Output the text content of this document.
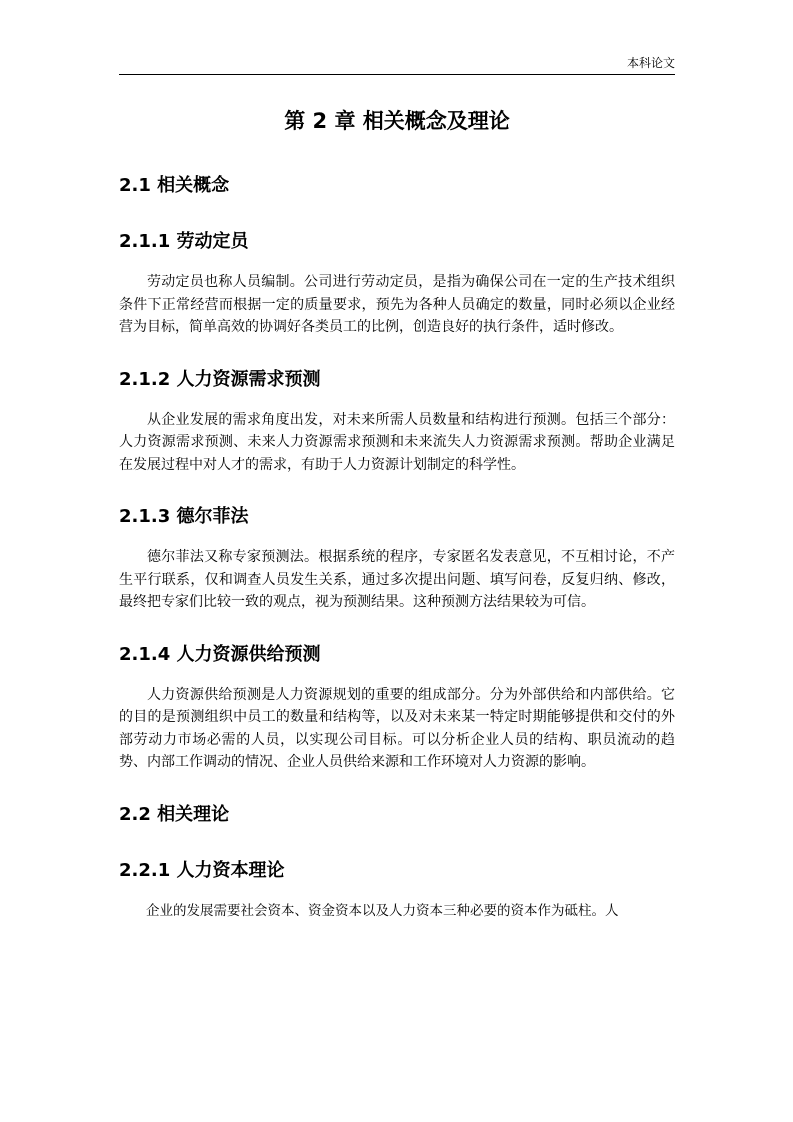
本科论文
第 2 章 相关概念及理论
2.1 相关概念
2.1.1 劳动定员

劳动定员也称人员编制。公司进行劳动定员，是指为确保公司在一定的生产技术组织条件下正常经营而根据一定的质量要求，预先为各种人员确定的数量，同时必须以企业经营为目标，简单高效的协调好各类员工的比例，创造良好的执行条件，适时修改。

2.1.2 人力资源需求预测

从企业发展的需求角度出发，对未来所需人员数量和结构进行预测。包括三个部分：人力资源需求预测、未来人力资源需求预测和未来流失人力资源需求预测。帮助企业满足在发展过程中对人才的需求，有助于人力资源计划制定的科学性。

2.1.3 德尔菲法

德尔菲法又称专家预测法。根据系统的程序，专家匿名发表意见，不互相讨论，不产生平行联系，仅和调查人员发生关系，通过多次提出问题、填写问卷，反复归纳、修改，最终把专家们比较一致的观点，视为预测结果。这种预测方法结果较为可信。

2.1.4 人力资源供给预测

人力资源供给预测是人力资源规划的重要的组成部分。分为外部供给和内部供给。它的目的是预测组织中员工的数量和结构等，以及对未来某一特定时期能够提供和交付的外部劳动力市场必需的人员，以实现公司目标。可以分析企业人员的结构、职员流动的趋势、内部工作调动的情况、企业人员供给来源和工作环境对人力资源的影响。

2.2 相关理论
2.2.1 人力资本理论

企业的发展需要社会资本、资金资本以及人力资本三种必要的资本作为砥柱。人
